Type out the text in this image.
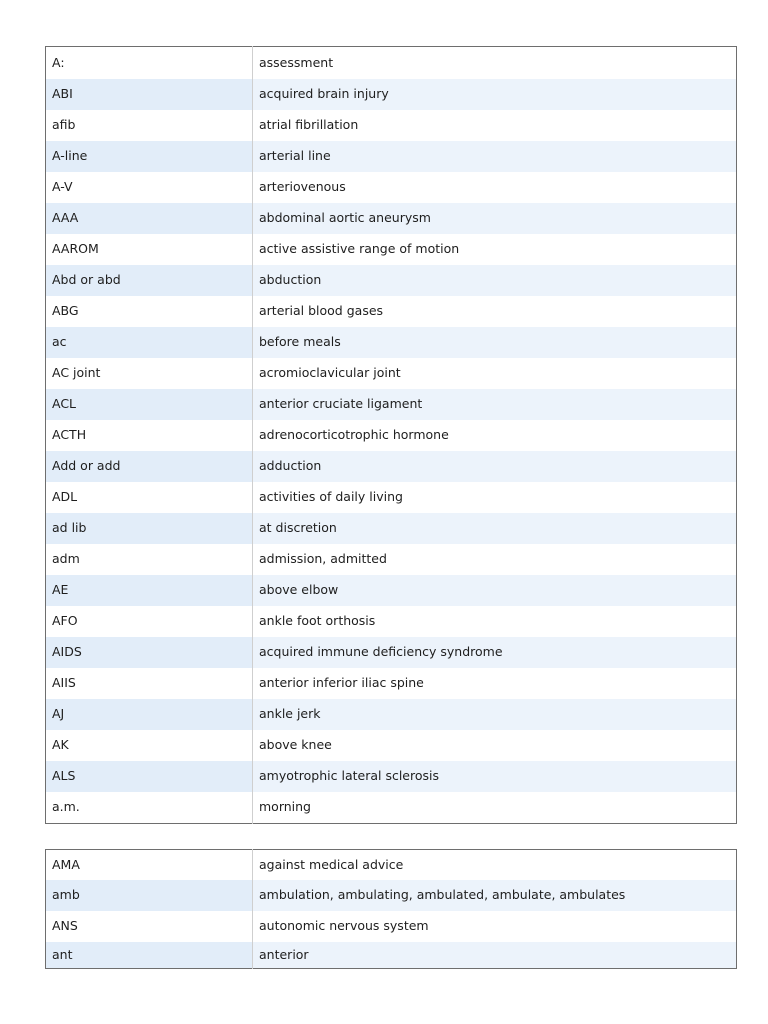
A:	assessment
ABI	acquired brain injury
afib	atrial fibrillation
A-line	arterial line
A-V	arteriovenous
AAA	abdominal aortic aneurysm
AAROM	active assistive range of motion
Abd or abd	abduction
ABG	arterial blood gases
ac	before meals
AC joint	acromioclavicular joint
ACL	anterior cruciate ligament
ACTH	adrenocorticotrophic hormone
Add or add	adduction
ADL	activities of daily living
ad lib	at discretion
adm	admission, admitted
AE	above elbow
AFO	ankle foot orthosis
AIDS	acquired immune deficiency syndrome
AIIS	anterior inferior iliac spine
AJ	ankle jerk
AK	above knee
ALS	amyotrophic lateral sclerosis
a.m.	morning
AMA	against medical advice
amb	ambulation, ambulating, ambulated, ambulate, ambulates
ANS	autonomic nervous system
ant	anterior
